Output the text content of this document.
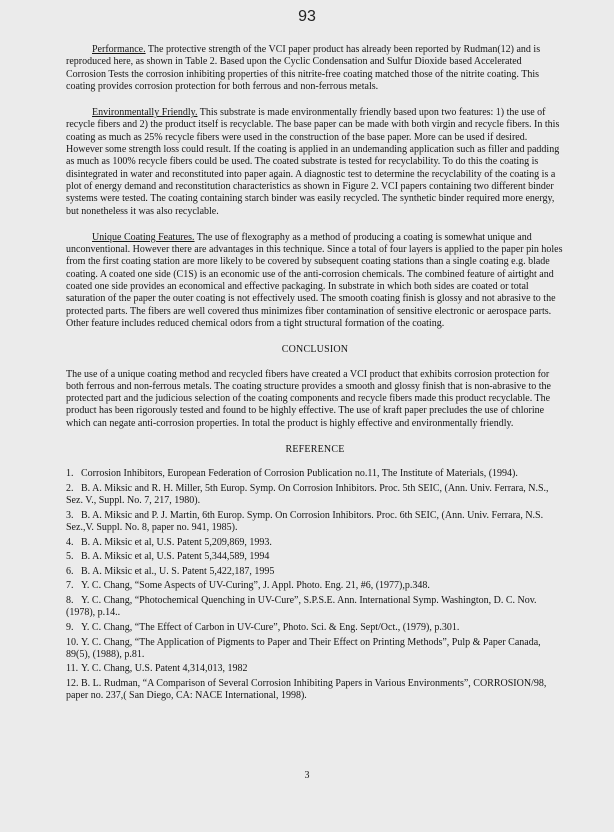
93

Performance. The protective strength of the VCI paper product has already been reported by Rudman(12) and is reproduced here, as shown in Table 2. Based upon the Cyclic Condensation and Sulfur Dioxide based Accelerated Corrosion Tests the corrosion inhibiting properties of this nitrite-free coating matched those of the nitrite coating. This coating provides corrosion protection for both ferrous and non-ferrous metals.

Environmentally Friendly. This substrate is made environmentally friendly based upon two features: 1) the use of recycle fibers and 2) the product itself is recyclable. The base paper can be made with both virgin and recycle fibers. In this coating as much as 25% recycle fibers were used in the construction of the base paper. More can be used if desired. However some strength loss could result. If the coating is applied in an undemanding application such as filler and padding as much as 100% recycle fibers could be used. The coated substrate is tested for recyclability. To do this the coating is disintegrated in water and reconstituted into paper again. A diagnostic test to determine the recyclability of the coating is a plot of energy demand and reconstitution characteristics as shown in Figure 2. VCI papers containing two different binder systems were tested. The coating containing starch binder was easily recycled. The synthetic binder required more energy, but nonetheless it was also recyclable.

Unique Coating Features. The use of flexography as a method of producing a coating is somewhat unique and unconventional. However there are advantages in this technique. Since a total of four layers is applied to the paper pin holes from the first coating station are more likely to be covered by subsequent coating stations than a single coating e.g. blade coating. A coated one side (C1S) is an economic use of the anti-corrosion chemicals. The combined feature of airtight and coated one side provides an economical and effective packaging. In substrate in which both sides are coated or total saturation of the paper the outer coating is not effectively used. The smooth coating finish is glossy and not abrasive to the protected parts. The fibers are well covered thus minimizes fiber contamination of sensitive electronic or aerospace parts. Other feature includes reduced chemical odors from a tight structural formation of the coating.

CONCLUSION

The use of a unique coating method and recycled fibers have created a VCI product that exhibits corrosion protection for both ferrous and non-ferrous metals. The coating structure provides a smooth and glossy finish that is non-abrasive to the protected part and the judicious selection of the coating components and recycle fibers made this product recyclable. The product has been rigorously tested and found to be highly effective. The use of kraft paper precludes the use of chlorine which can negate anti-corrosion properties. In total the product is highly effective and environmentally friendly.

REFERENCE
1. Corrosion Inhibitors, European Federation of Corrosion Publication no.11, The Institute of Materials, (1994).
2. B. A. Miksic and R. H. Miller, 5th Europ. Symp. On Corrosion Inhibitors. Proc. 5th SEIC, (Ann. Univ. Ferrara, N.S., Sez. V., Suppl. No. 7, 217, 1980).
3. B. A. Miksic and P. J. Martin, 6th Europ. Symp. On Corrosion Inhibitors. Proc. 6th SEIC, (Ann. Univ. Ferrara, N.S. Sez.,V. Suppl. No. 8, paper no. 941, 1985).
4. B. A. Miksic et al, U.S. Patent 5,209,869, 1993.
5. B. A. Miksic et al, U.S. Patent 5,344,589, 1994
6. B. A. Miksic et al., U. S. Patent 5,422,187, 1995
7. Y. C. Chang, “Some Aspects of UV-Curing”, J. Appl. Photo. Eng. 21, #6, (1977),p.348.
8. Y. C. Chang, “Photochemical Quenching in UV-Cure”, S.P.S.E. Ann. International Symp. Washington, D. C. Nov. (1978), p.14..
9. Y. C. Chang, “The Effect of Carbon in UV-Cure”, Photo. Sci. & Eng. Sept/Oct., (1979), p.301.
10. Y. C. Chang, “The Application of Pigments to Paper and Their Effect on Printing Methods”, Pulp & Paper Canada, 89(5), (1988), p.81.
11. Y. C. Chang, U.S. Patent 4,314,013, 1982
12. B. L. Rudman, “A Comparison of Several Corrosion Inhibiting Papers in Various Environments”, CORROSION/98, paper no. 237,( San Diego, CA: NACE International, 1998).
3
